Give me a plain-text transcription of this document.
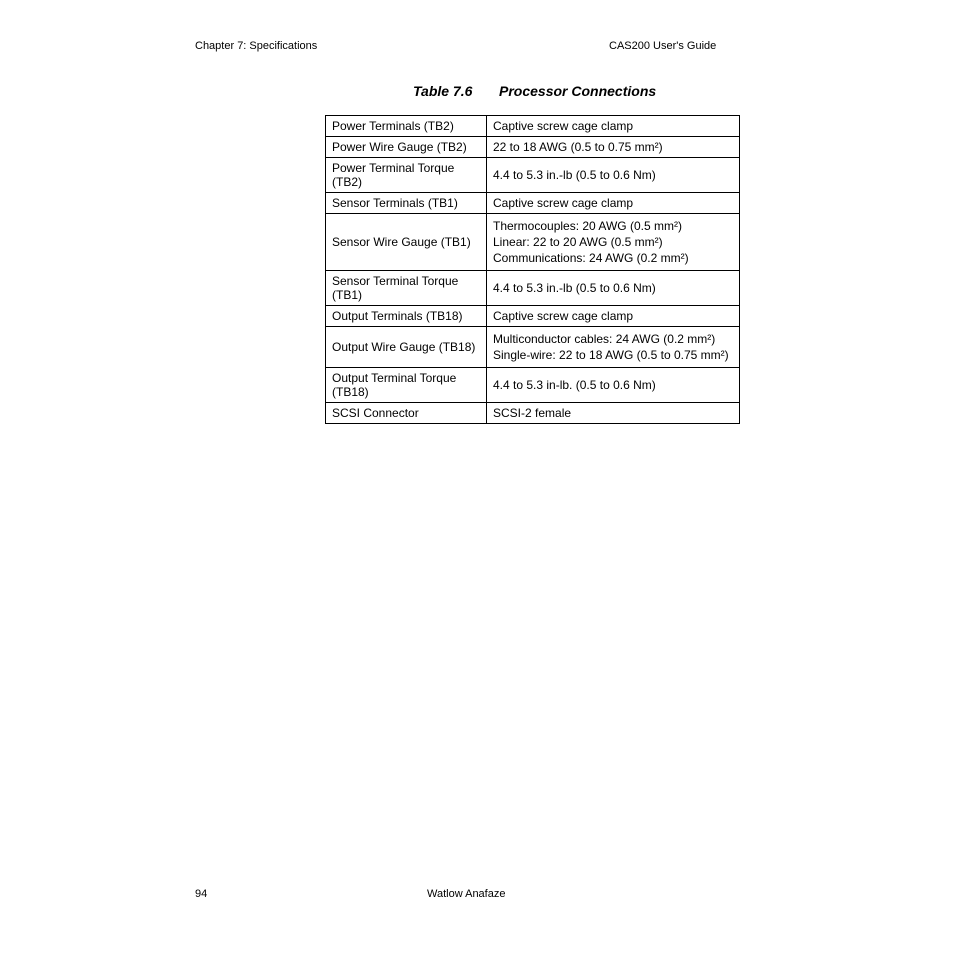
Chapter 7: Specifications	CAS200 User's Guide
Table 7.6 Processor Connections
Power Terminals (TB2)	Captive screw cage clamp
Power Wire Gauge (TB2)	22 to 18 AWG (0.5 to 0.75 mm²)
Power Terminal Torque (TB2)	4.4 to 5.3 in.-lb (0.5 to 0.6 Nm)
Sensor Terminals (TB1)	Captive screw cage clamp
Sensor Wire Gauge (TB1)	Thermocouples: 20 AWG (0.5 mm²)
Linear: 22 to 20 AWG (0.5 mm²)
Communications: 24 AWG (0.2 mm²)

Sensor Terminal Torque (TB1)	4.4 to 5.3 in.-lb (0.5 to 0.6 Nm)
Output Terminals (TB18)	Captive screw cage clamp
Output Wire Gauge (TB18)	Multiconductor cables: 24 AWG (0.2 mm²)
Single-wire: 22 to 18 AWG (0.5 to 0.75 mm²)

Output Terminal Torque (TB18)	4.4 to 5.3 in-lb. (0.5 to 0.6 Nm)
SCSI Connector	SCSI-2 female
94	Watlow Anafaze
